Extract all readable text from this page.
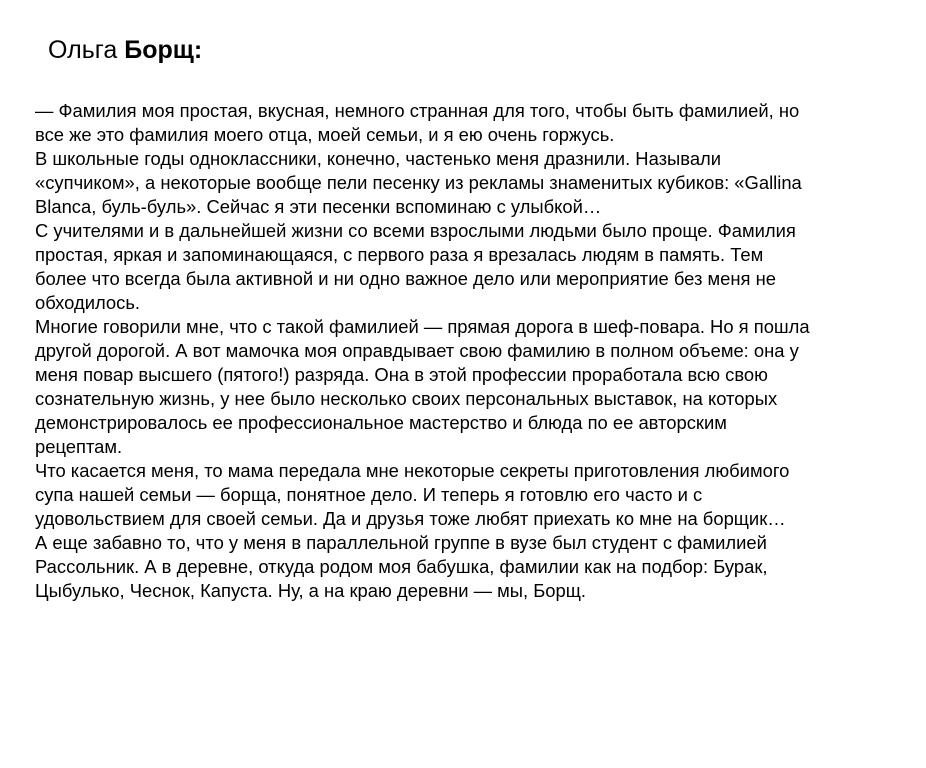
Ольга Борщ:
— Фамилия моя простая, вкусная, немного странная для того, чтобы быть фамилией, но
все же это фамилия моего отца, моей семьи, и я ею очень горжусь.
В школьные годы одноклассники, конечно, частенько меня дразнили. Называли
«супчиком», а некоторые вообще пели песенку из рекламы знаменитых кубиков: «Gallina
Blanca, буль-буль». Сейчас я эти песенки вспоминаю с улыбкой…
С учителями и в дальнейшей жизни со всеми взрослыми людьми было проще. Фамилия
простая, яркая и запоминающаяся, с первого раза я врезалась людям в память. Тем
более что всегда была активной и ни одно важное дело или мероприятие без меня не
обходилось.
Многие говорили мне, что с такой фамилией — прямая дорога в шеф-повара. Но я пошла
другой дорогой. А вот мамочка моя оправдывает свою фамилию в полном объеме: она у
меня повар высшего (пятого!) разряда. Она в этой профессии проработала всю свою
сознательную жизнь, у нее было несколько своих персональных выставок, на которых
демонстрировалось ее профессиональное мастерство и блюда по ее авторским
рецептам.
Что касается меня, то мама передала мне некоторые секреты приготовления любимого
супа нашей семьи — борща, понятное дело. И теперь я готовлю его часто и с
удовольствием для своей семьи. Да и друзья тоже любят приехать ко мне на борщик…
А еще забавно то, что у меня в параллельной группе в вузе был студент с фамилией
Рассольник. А в деревне, откуда родом моя бабушка, фамилии как на подбор: Бурак,
Цыбулько, Чеснок, Капуста. Ну, а на краю деревни — мы, Борщ.
